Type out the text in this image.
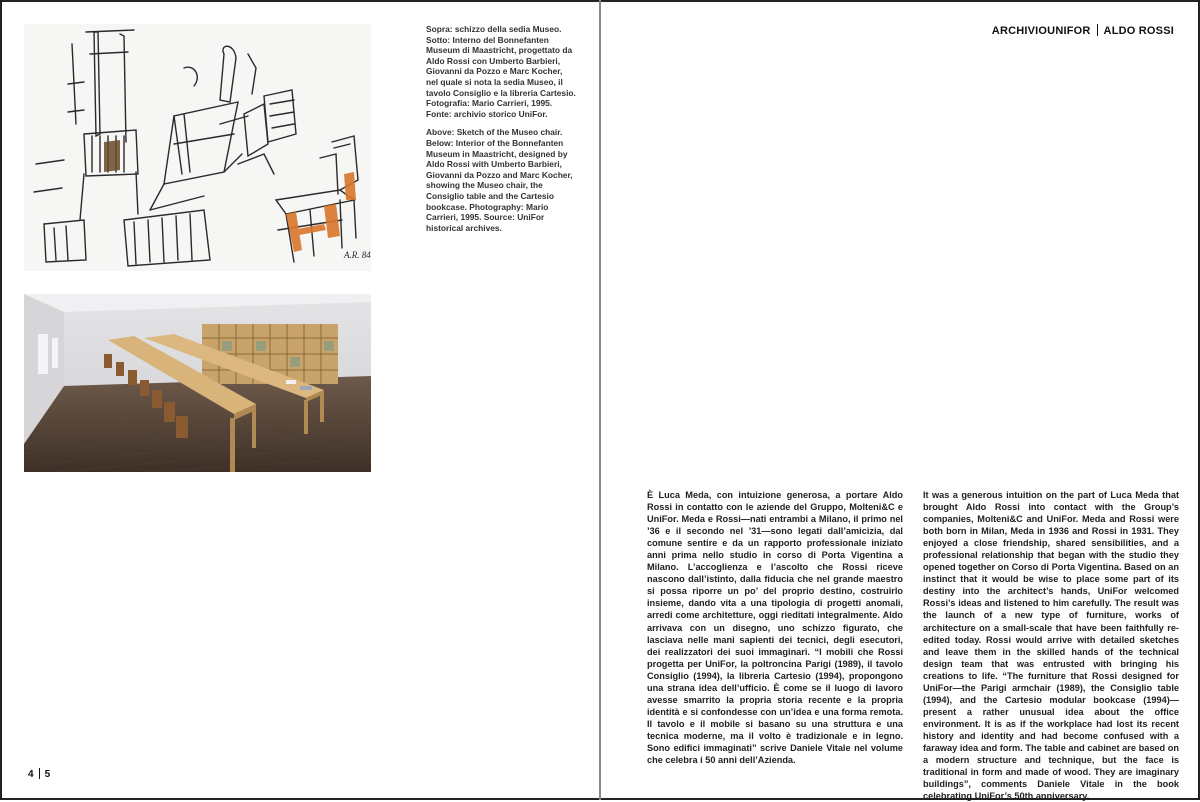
A.R. 84

Sopra: schizzo della sedia Museo. Sotto: Interno del Bonnefanten Museum di Maastricht, progettato da Aldo Rossi con Umberto Barbieri, Giovanni da Pozzo e Marc Kocher, nel quale si nota la sedia Museo, il tavolo Consiglio e la libreria Cartesio. Fotografia: Mario Carrieri, 1995. Fonte: archivio storico UniFor.

Above: Sketch of the Museo chair. Below: Interior of the Bonnefanten Museum in Maastricht, designed by Aldo Rossi with Umberto Barbieri, Giovanni da Pozzo and Marc Kocher, showing the Museo chair, the Consiglio table and the Cartesio bookcase. Photography: Mario Carrieri, 1995. Source: UniFor historical archives.

4 5
ARCHIVIOUNIFOR ALDO ROSSI
È Luca Meda, con intuizione generosa, a portare Aldo Rossi in contatto con le aziende del Gruppo, Molteni&C e UniFor. Meda e Rossi—nati entrambi a Milano, il primo nel ’36 e il secondo nel ’31—sono legati dall’amicizia, dal comune sentire e da un rapporto professionale iniziato anni prima nello studio in corso di Porta Vigentina a Milano. L’accoglienza e l’ascolto che Rossi riceve nascono dall’istinto, dalla fiducia che nel grande maestro si possa riporre un po’ del proprio destino, costruirlo insieme, dando vita a una tipologia di progetti anomali, arredi come architetture, oggi rieditati integralmente. Aldo arrivava con un disegno, uno schizzo figurato, che lasciava nelle mani sapienti dei tecnici, degli esecutori, dei realizzatori dei suoi immaginari. “I mobili che Rossi progetta per UniFor, la poltroncina Parigi (1989), il tavolo Consiglio (1994), la libreria Cartesio (1994), propongono una strana idea dell’ufficio. È come se il luogo di lavoro avesse smarrito la propria storia recente e la propria identità e si confondesse con un’idea e una forma remota. Il tavolo e il mobile si basano su una struttura e una tecnica moderne, ma il volto è tradizionale e in legno. Sono edifici immaginati” scrive Daniele Vitale nel volume che celebra i 50 anni dell’Azienda.
It was a generous intuition on the part of Luca Meda that brought Aldo Rossi into contact with the Group’s companies, Molteni&C and UniFor. Meda and Rossi were both born in Milan, Meda in 1936 and Rossi in 1931. They enjoyed a close friendship, shared sensibilities, and a professional relationship that began with the studio they opened together on Corso di Porta Vigentina. Based on an instinct that it would be wise to place some part of its destiny into the architect’s hands, UniFor welcomed Rossi’s ideas and listened to him carefully. The result was the launch of a new type of furniture, works of architecture on a small-scale that have been faithfully re-edited today. Rossi would arrive with detailed sketches and leave them in the skilled hands of the technical design team that was entrusted with bringing his creations to life. “The furniture that Rossi designed for UniFor—the Parigi armchair (1989), the Consiglio table (1994), and the Cartesio modular bookcase (1994)—present a rather unusual idea about the office environment. It is as if the workplace had lost its recent history and identity and had become confused with a faraway idea and form. The table and cabinet are based on a modern structure and technique, but the face is traditional in form and made of wood. They are imaginary buildings”, comments Daniele Vitale in the book celebrating UniFor’s 50th anniversary.
